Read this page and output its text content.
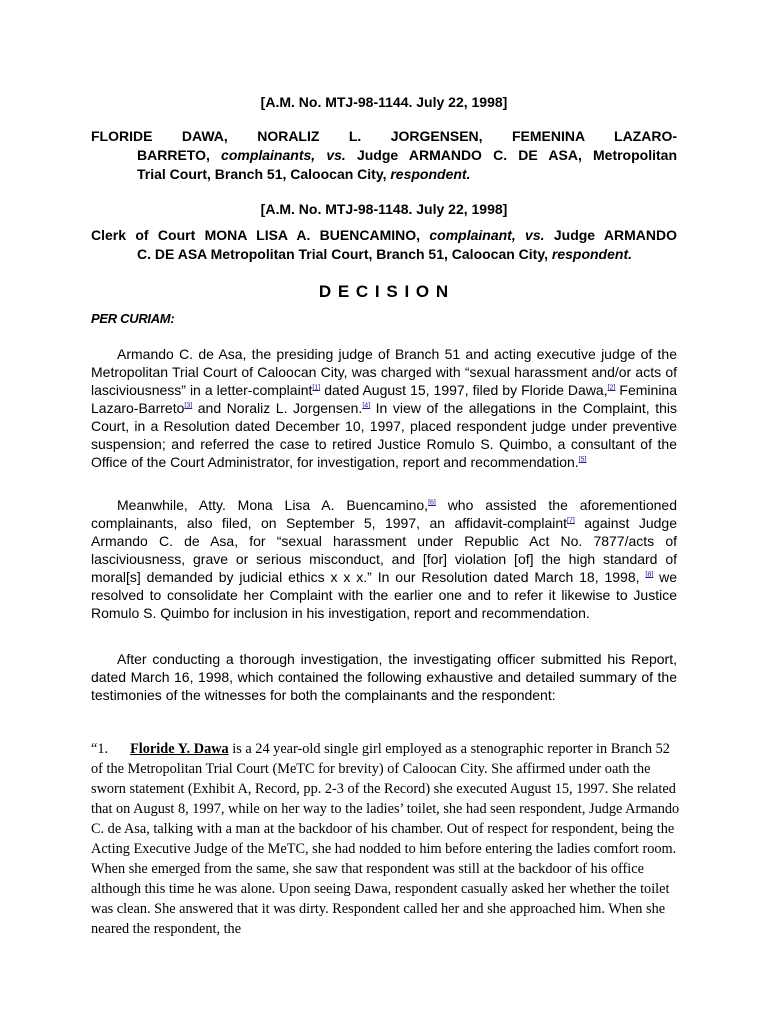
[A.M. No. MTJ-98-1144. July 22, 1998]
FLORIDE DAWA, NORALIZ L. JORGENSEN, FEMENINA LAZARO-
BARRETO, complainants, vs. Judge ARMANDO C. DE ASA, Metropolitan
Trial Court, Branch 51, Caloocan City, respondent.
[A.M. No. MTJ-98-1148. July 22, 1998]
Clerk of Court MONA LISA A. BUENCAMINO, complainant, vs. Judge ARMANDO
C. DE ASA Metropolitan Trial Court, Branch 51, Caloocan City, respondent.
D E C I S I O N
PER CURIAM:

Armando C. de Asa, the presiding judge of Branch 51 and acting executive judge of the Metropolitan Trial Court of Caloocan City, was charged with “sexual harassment and/or acts of lasciviousness” in a letter-complaint[1] dated August 15, 1997, filed by Floride Dawa,[2] Feminina Lazaro-Barreto[3] and Noraliz L. Jorgensen.[4] In view of the allegations in the Complaint, this Court, in a Resolution dated December 10, 1997, placed respondent judge under preventive suspension; and referred the case to retired Justice Romulo S. Quimbo, a consultant of the Office of the Court Administrator, for investigation, report and recommendation.[5]

Meanwhile, Atty. Mona Lisa A. Buencamino,[6] who assisted the aforementioned complainants, also filed, on September 5, 1997, an affidavit-complaint[7] against Judge Armando C. de Asa, for “sexual harassment under Republic Act No. 7877/acts of lasciviousness, grave or serious misconduct, and [for] violation [of] the high standard of moral[s] demanded by judicial ethics x x x.” In our Resolution dated March 18, 1998, [8] we resolved to consolidate her Complaint with the earlier one and to refer it likewise to Justice Romulo S. Quimbo for inclusion in his investigation, report and recommendation.

After conducting a thorough investigation, the investigating officer submitted his Report, dated March 16, 1998, which contained the following exhaustive and detailed summary of the testimonies of the witnesses for both the complainants and the respondent:

“1. Floride Y. Dawa is a 24 year-old single girl employed as a stenographic reporter in Branch 52 of the Metropolitan Trial Court (MeTC for brevity) of Caloocan City. She affirmed under oath the sworn statement (Exhibit A, Record, pp. 2-3 of the Record) she executed August 15, 1997. She related that on August 8, 1997, while on her way to the ladies’ toilet, she had seen respondent, Judge Armando C. de Asa, talking with a man at the backdoor of his chamber. Out of respect for respondent, being the Acting Executive Judge of the MeTC, she had nodded to him before entering the ladies comfort room. When she emerged from the same, she saw that respondent was still at the backdoor of his office although this time he was alone. Upon seeing Dawa, respondent casually asked her whether the toilet was clean. She answered that it was dirty. Respondent called her and she approached him. When she neared the respondent, the
